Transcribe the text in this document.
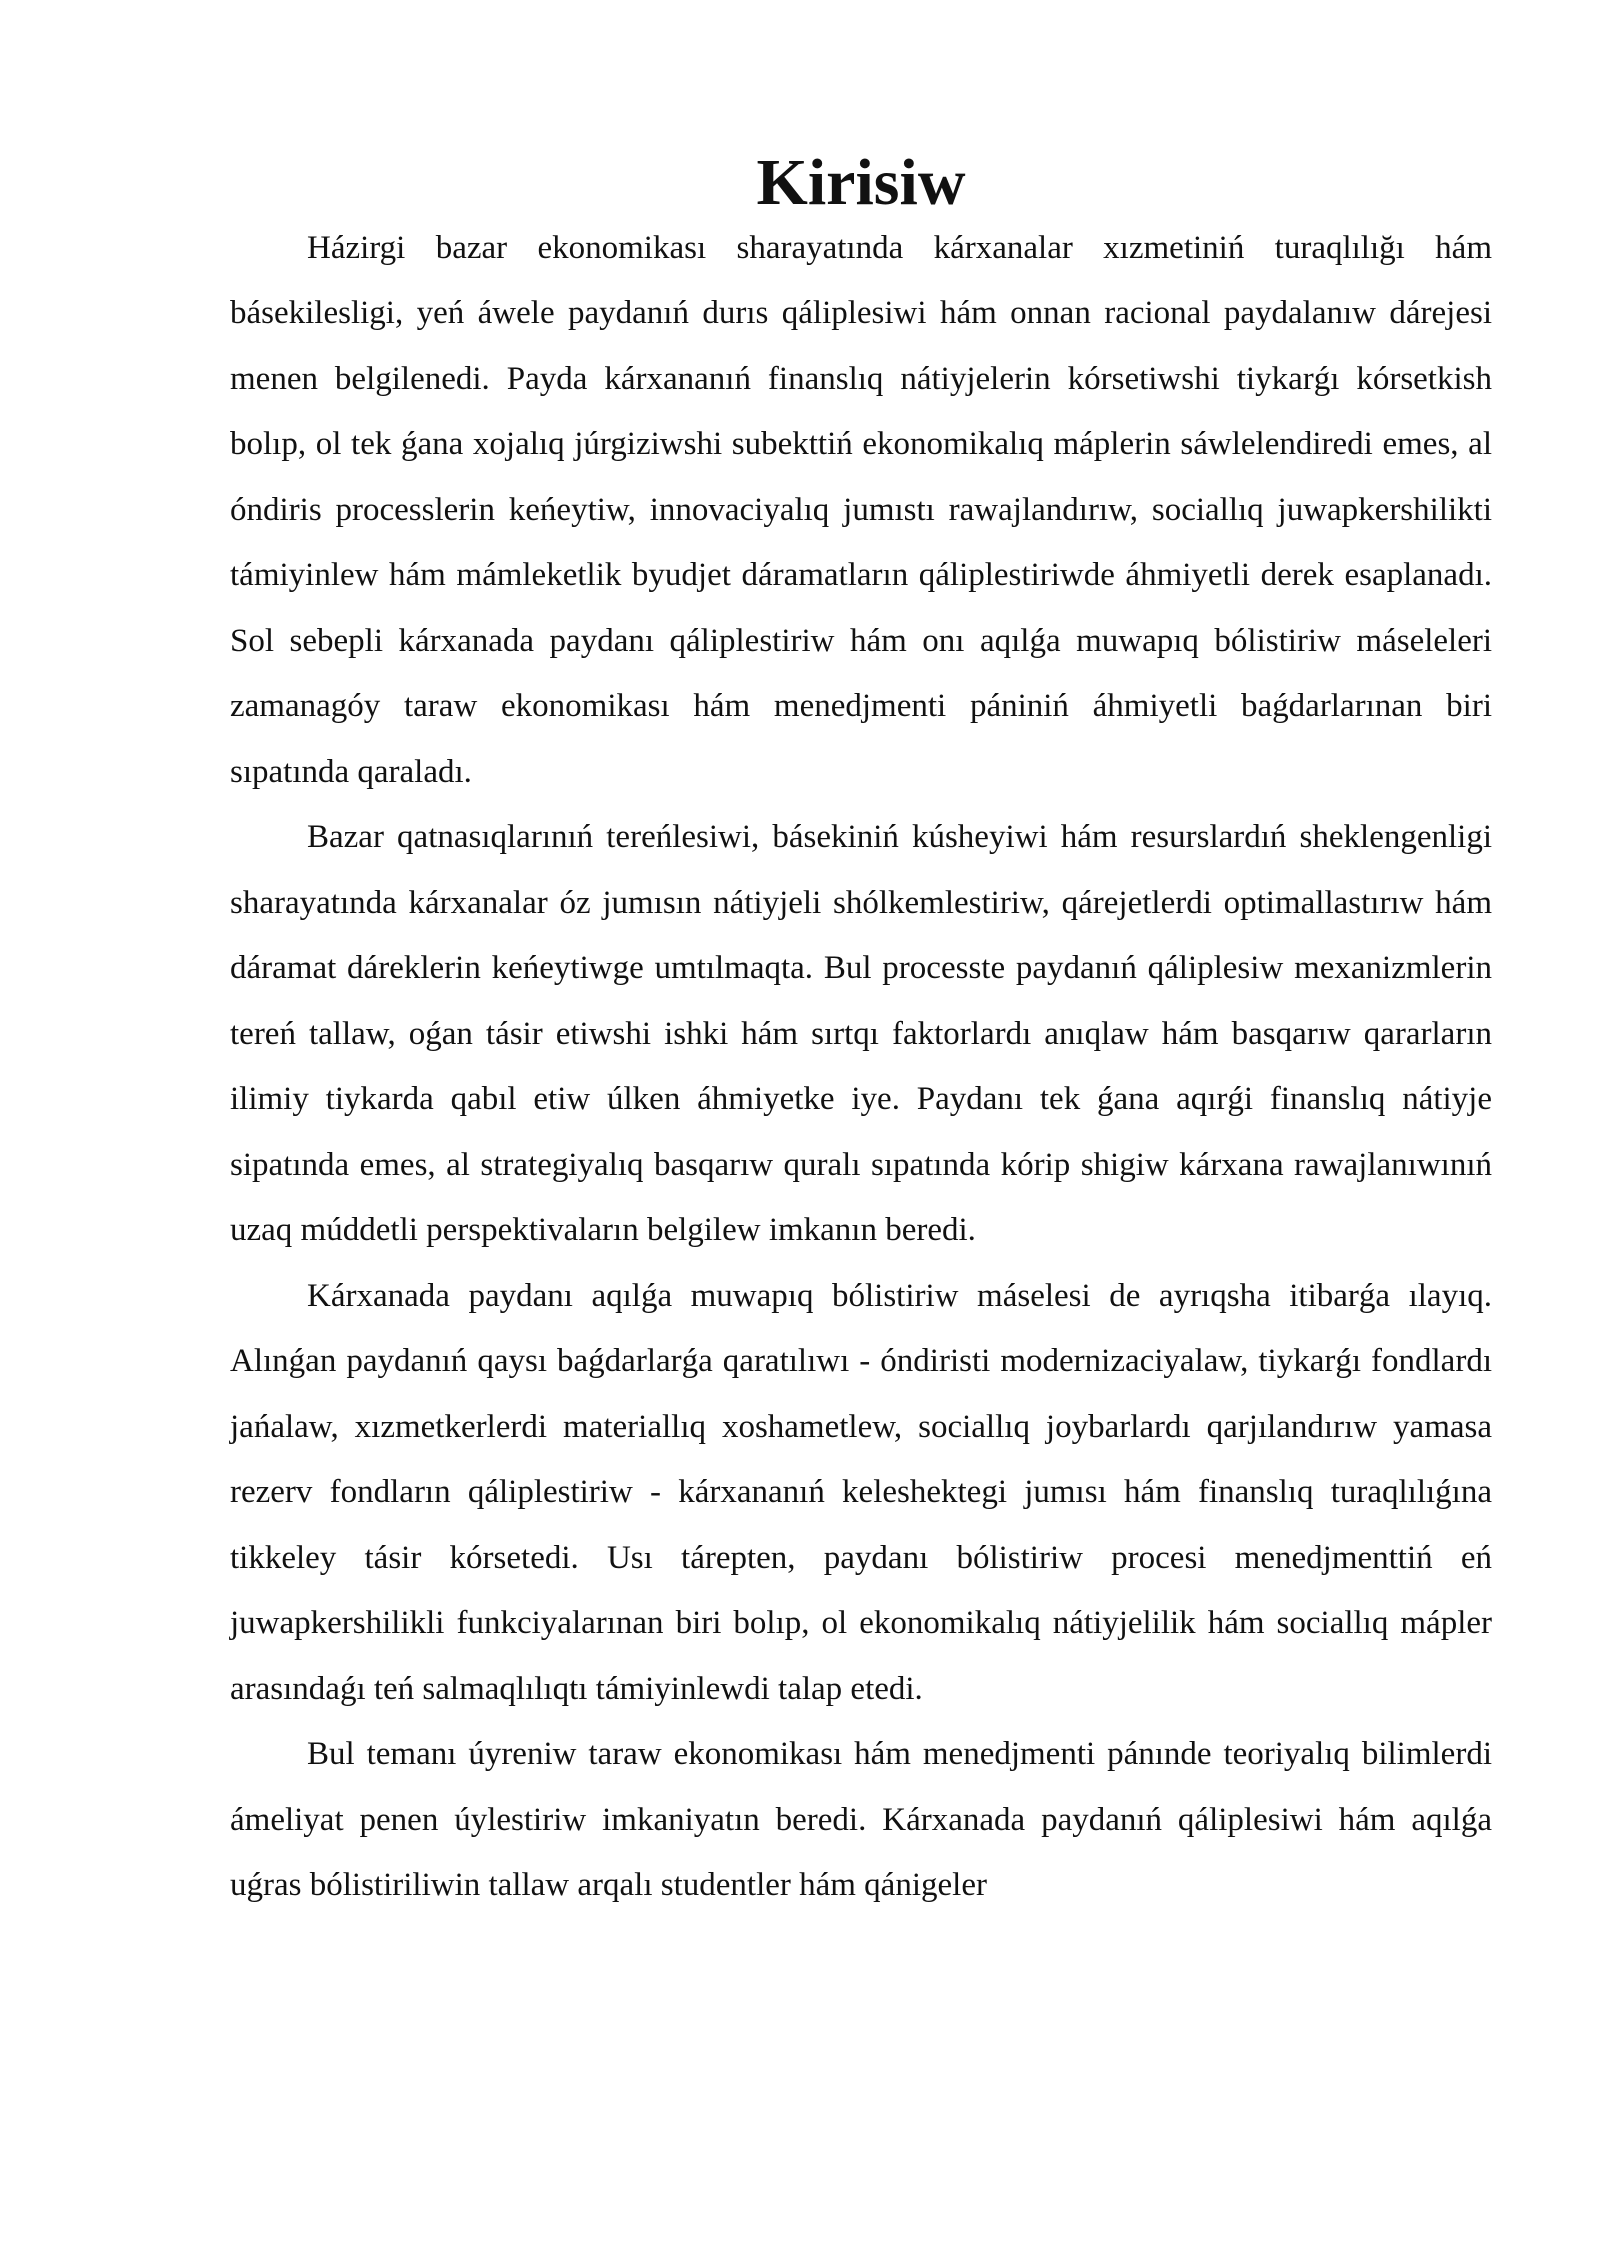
Kirisiw

Házirgi bazar ekonomikası sharayatında kárxanalar xızmetiniń turaqlılığı hám básekilesligi, yeń áwele paydanıń durıs qáliplesiwi hám onnan racional paydalanıw dárejesi menen belgilenedi. Payda kárxananıń finanslıq nátiyjelerin kórsetiwshi tiykarǵı kórsetkish bolıp, ol tek ǵana xojalıq júrgiziwshi subekttiń ekonomikalıq máplerin sáwlelendiredi emes, al óndiris processlerin keńeytiw, innovaciyalıq jumıstı rawajlandırıw, sociallıq juwapkershilikti támiyinlew hám mámleketlik byudjet dáramatların qáliplestiriwde áhmiyetli derek esaplanadı. Sol sebepli kárxanada paydanı qáliplestiriw hám onı aqılǵa muwapıq bólistiriw máseleleri zamanagóy taraw ekonomikası hám menedjmenti pániniń áhmiyetli baǵdarlarınan biri sıpatında qaraladı.

Bazar qatnasıqlarınıń tereńlesiwi, básekiniń kúsheyiwi hám resurslardıń sheklengenligi sharayatında kárxanalar óz jumısın nátiyjeli shólkemlestiriw, qárejetlerdi optimallastırıw hám dáramat dáreklerin keńeytiwge umtılmaqta. Bul processte paydanıń qáliplesiw mexanizmlerin tereń tallaw, oǵan tásir etiwshi ishki hám sırtqı faktorlardı anıqlaw hám basqarıw qararların ilimiy tiykarda qabıl etiw úlken áhmiyetke iye. Paydanı tek ǵana aqırǵi finanslıq nátiyje sipatında emes, al strategiyalıq basqarıw quralı sıpatında kórip shigiw kárxana rawajlanıwınıń uzaq múddetli perspektivaların belgilew imkanın beredi.

Kárxanada paydanı aqılǵa muwapıq bólistiriw máselesi de ayrıqsha itibarǵa ılayıq. Alınǵan paydanıń qaysı baǵdarlarǵa qaratılıwı - óndiristi modernizaciyalaw, tiykarǵı fondlardı jańalaw, xızmetkerlerdi materiallıq xoshametlew, sociallıq joybarlardı qarjılandırıw yamasa rezerv fondların qáliplestiriw - kárxananıń keleshektegi jumısı hám finanslıq turaqlılıǵına tikkeley tásir kórsetedi. Usı tárepten, paydanı bólistiriw procesi menedjmenttiń eń juwapkershilikli funkciyalarınan biri bolıp, ol ekonomikalıq nátiyjelilik hám sociallıq mápler arasındaǵı teń salmaqlılıqtı támiyinlewdi talap etedi.

Bul temanı úyreniw taraw ekonomikası hám menedjmenti pánınde teoriyalıq bilimlerdi ámeliyat penen úylestiriw imkaniyatın beredi. Kárxanada paydanıń qáliplesiwi hám aqılǵa uǵras bólistiriliwin tallaw arqalı studentler hám qánigeler
